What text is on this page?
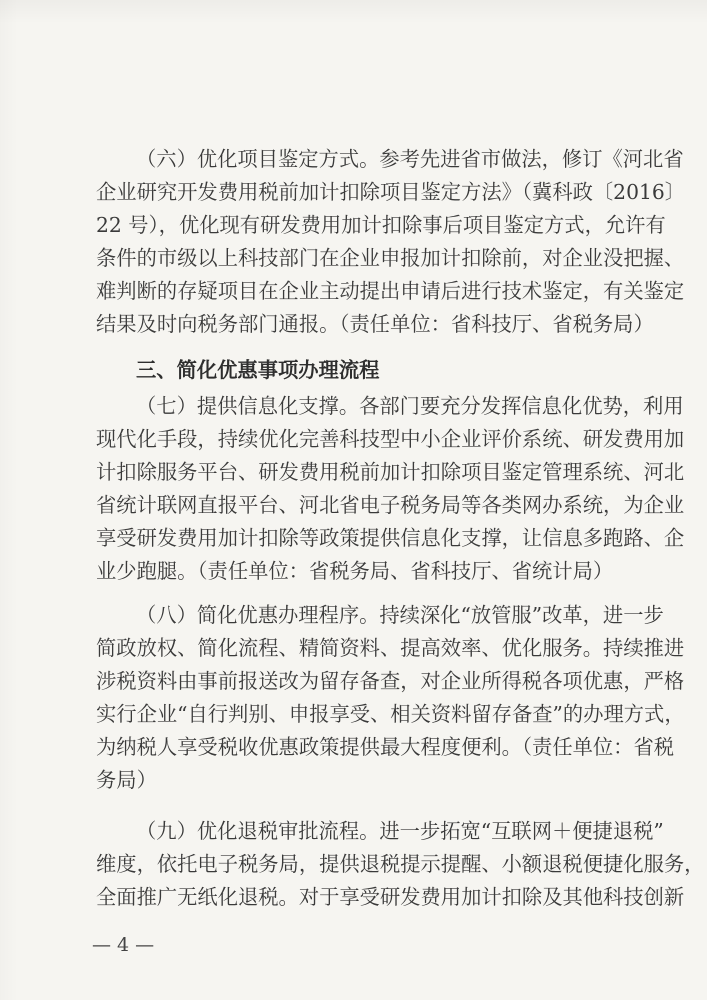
（六）优化项目鉴定方式。参考先进省市做法，修订《河北省
企业研究开发费用税前加计扣除项目鉴定方法》（冀科政〔2016〕
22 号），优化现有研发费用加计扣除事后项目鉴定方式，允许有
条件的市级以上科技部门在企业申报加计扣除前，对企业没把握、
难判断的存疑项目在企业主动提出申请后进行技术鉴定，有关鉴定
结果及时向税务部门通报。（责任单位：省科技厅、省税务局）
三、简化优惠事项办理流程
（七）提供信息化支撑。各部门要充分发挥信息化优势，利用
现代化手段，持续优化完善科技型中小企业评价系统、研发费用加
计扣除服务平台、研发费用税前加计扣除项目鉴定管理系统、河北
省统计联网直报平台、河北省电子税务局等各类网办系统，为企业
享受研发费用加计扣除等政策提供信息化支撑，让信息多跑路、企
业少跑腿。（责任单位：省税务局、省科技厅、省统计局）
（八）简化优惠办理程序。持续深化“放管服”改革，进一步
简政放权、简化流程、精简资料、提高效率、优化服务。持续推进
涉税资料由事前报送改为留存备查，对企业所得税各项优惠，严格
实行企业“自行判别、申报享受、相关资料留存备查”的办理方式，
为纳税人享受税收优惠政策提供最大程度便利。（责任单位：省税
务局）
（九）优化退税审批流程。进一步拓宽“互联网＋便捷退税”
维度，依托电子税务局，提供退税提示提醒、小额退税便捷化服务，
全面推广无纸化退税。对于享受研发费用加计扣除及其他科技创新
— 4 —
